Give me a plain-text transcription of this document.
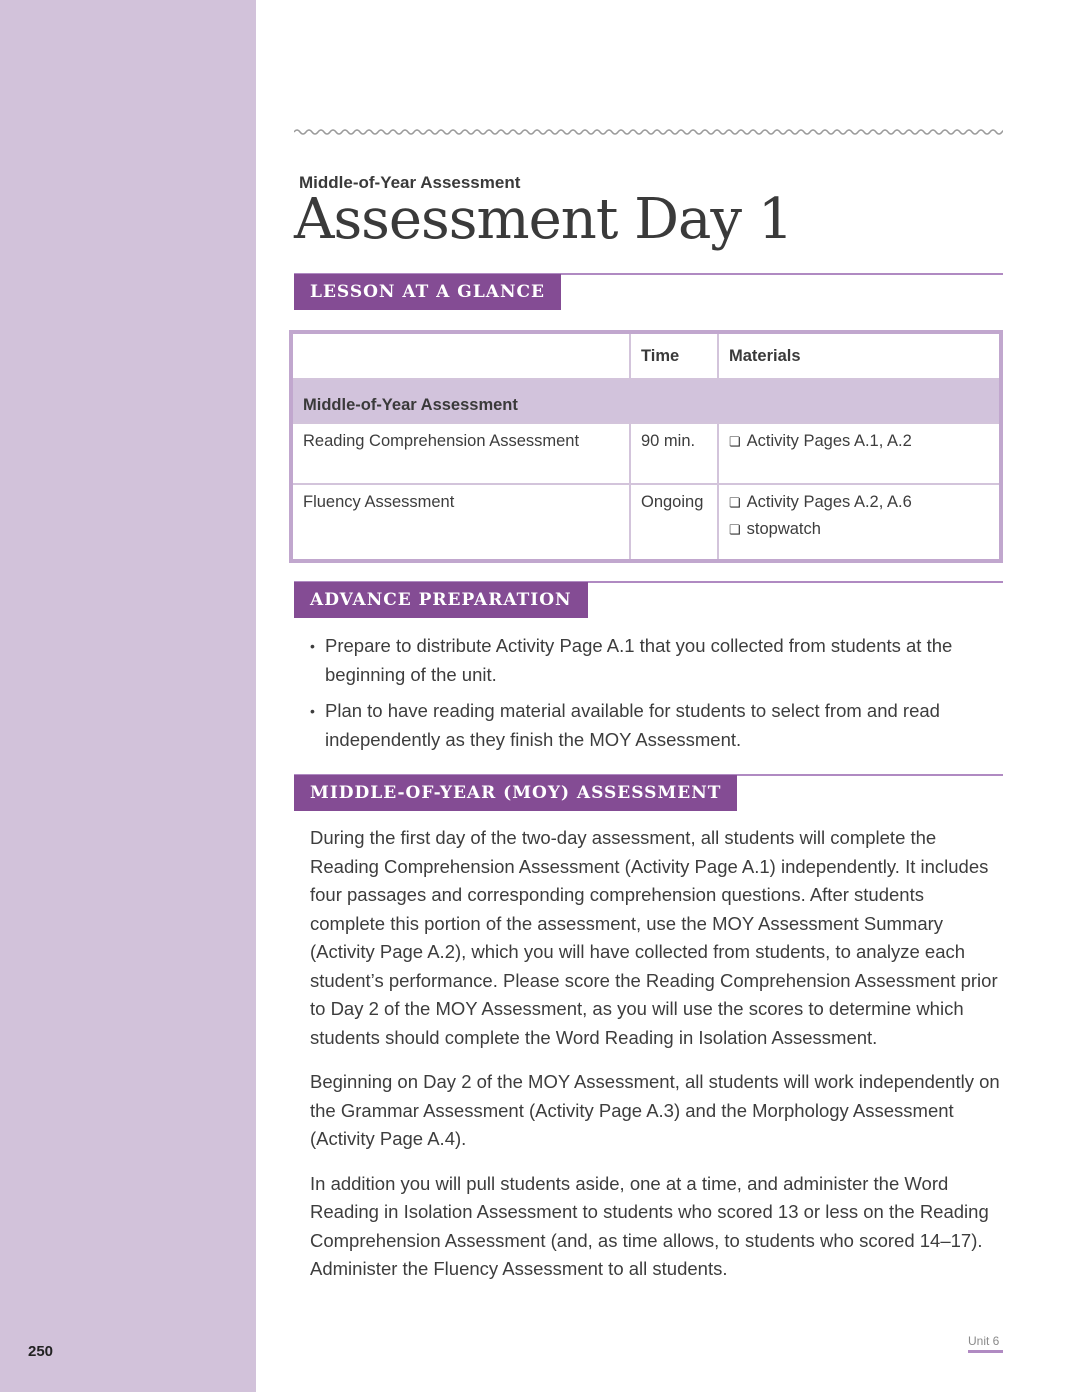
250
Middle-of-Year Assessment
Assessment Day 1
LESSON AT A GLANCE
	Time	Materials
Middle-of-Year Assessment		
Reading Comprehension Assessment	90 min.	❏ Activity Pages A.1, A.2

Fluency Assessment	Ongoing	❏ Activity Pages A.2, A.6
❏ stopwatch
ADVANCE PREPARATION
• Prepare to distribute Activity Page A.1 that you collected from students at the beginning of the unit.
• Plan to have reading material available for students to select from and read independently as they finish the MOY Assessment.
MIDDLE-OF-YEAR (MOY) ASSESSMENT

During the first day of the two-day assessment, all students will complete the Reading Comprehension Assessment (Activity Page A.1) independently. It includes four passages and corresponding comprehension questions. After students complete this portion of the assessment, use the MOY Assessment Summary (Activity Page A.2), which you will have collected from students, to analyze each student’s performance. Please score the Reading Comprehension Assessment prior to Day 2 of the MOY Assessment, as you will use the scores to determine which students should complete the Word Reading in Isolation Assessment.

Beginning on Day 2 of the MOY Assessment, all students will work independently on the Grammar Assessment (Activity Page A.3) and the Morphology Assessment (Activity Page A.4).

In addition you will pull students aside, one at a time, and administer the Word Reading in Isolation Assessment to students who scored 13 or less on the Reading Comprehension Assessment (and, as time allows, to students who scored 14–17). Administer the Fluency Assessment to all students.

Unit 6
